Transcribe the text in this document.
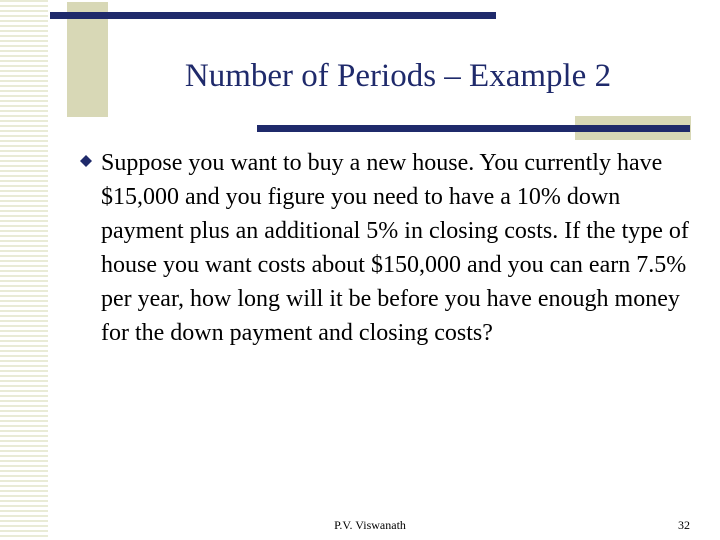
Number of Periods – Example 2
Suppose you want to buy a new house. You currently have $15,000 and you figure you need to have a 10% down payment plus an additional 5% in closing costs. If the type of house you want costs about $150,000 and you can earn 7.5% per year, how long will it be before you have enough money for the down payment and closing costs?
P.V. Viswanath	32
